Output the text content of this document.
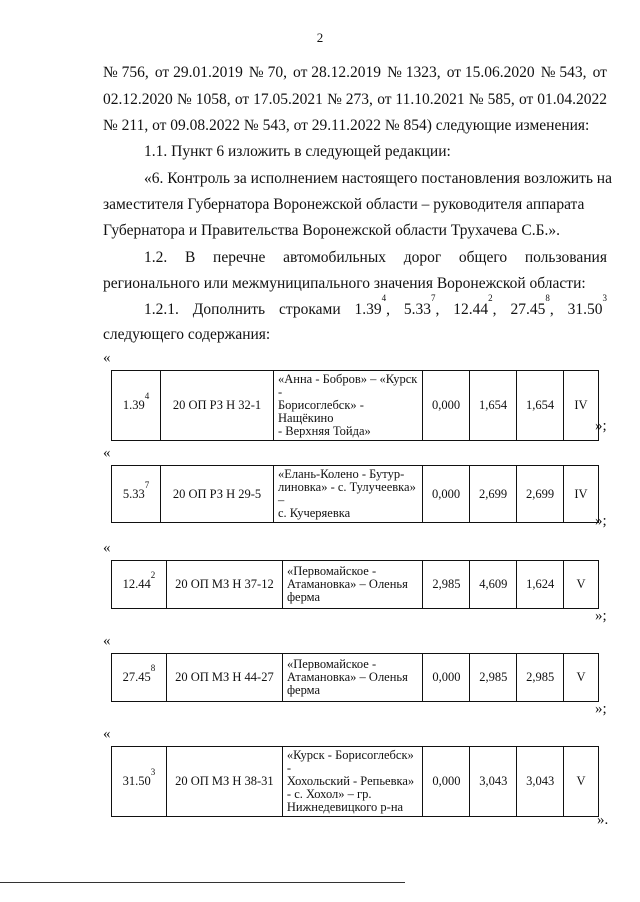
2
№ 756, от 29.01.2019 № 70, от 28.12.2019 № 1323, от 15.06.2020 № 543, от
02.12.2020 № 1058, от 17.05.2021 № 273, от 11.10.2021 № 585, от 01.04.2022
№ 211, от 09.08.2022 № 543, от 29.11.2022 № 854) следующие изменения:
1.1. Пункт 6 изложить в следующей редакции:
«6. Контроль за исполнением настоящего постановления возложить на
заместителя Губернатора Воронежской области – руководителя аппарата
Губернатора и Правительства Воронежской области Трухачева С.Б.».
1.2. В перечне автомобильных дорог общего пользования
регионального или межмуниципального значения Воронежской области:
1.2.1. Дополнить строками 1.39$^4$, 5.33$^7$, 12.44$^2$, 27.45$^8$, 31.50$^3$
следующего содержания:
«
»;
«
»;
«
»;
«
»;
«
».
1.39$^4$	20 ОП РЗ Н 32-1	«Анна - Бобров» – «Курск -
Борисоглебск» - Нащёкино
- Верхняя Тойда»	0,000	1,654	1,654	IV
5.33$^7$	20 ОП РЗ Н 29-5	«Елань-Колено - Бутур-
линовка» - с. Тулучеевка» –
с. Кучеряевка	0,000	2,699	2,699	IV
12.44$^2$	20 ОП МЗ Н 37-12	«Первомайское -
Атамановка» – Оленья
ферма	2,985	4,609	1,624	V
27.45$^8$	20 ОП МЗ Н 44-27	«Первомайское -
Атамановка» – Оленья
ферма	0,000	2,985	2,985	V
31.50$^3$	20 ОП МЗ Н 38-31	«Курск - Борисоглебск» -
Хохольский - Репьевка»
- с. Хохол» – гр.
Нижнедевицкого р-на	0,000	3,043	3,043	V
